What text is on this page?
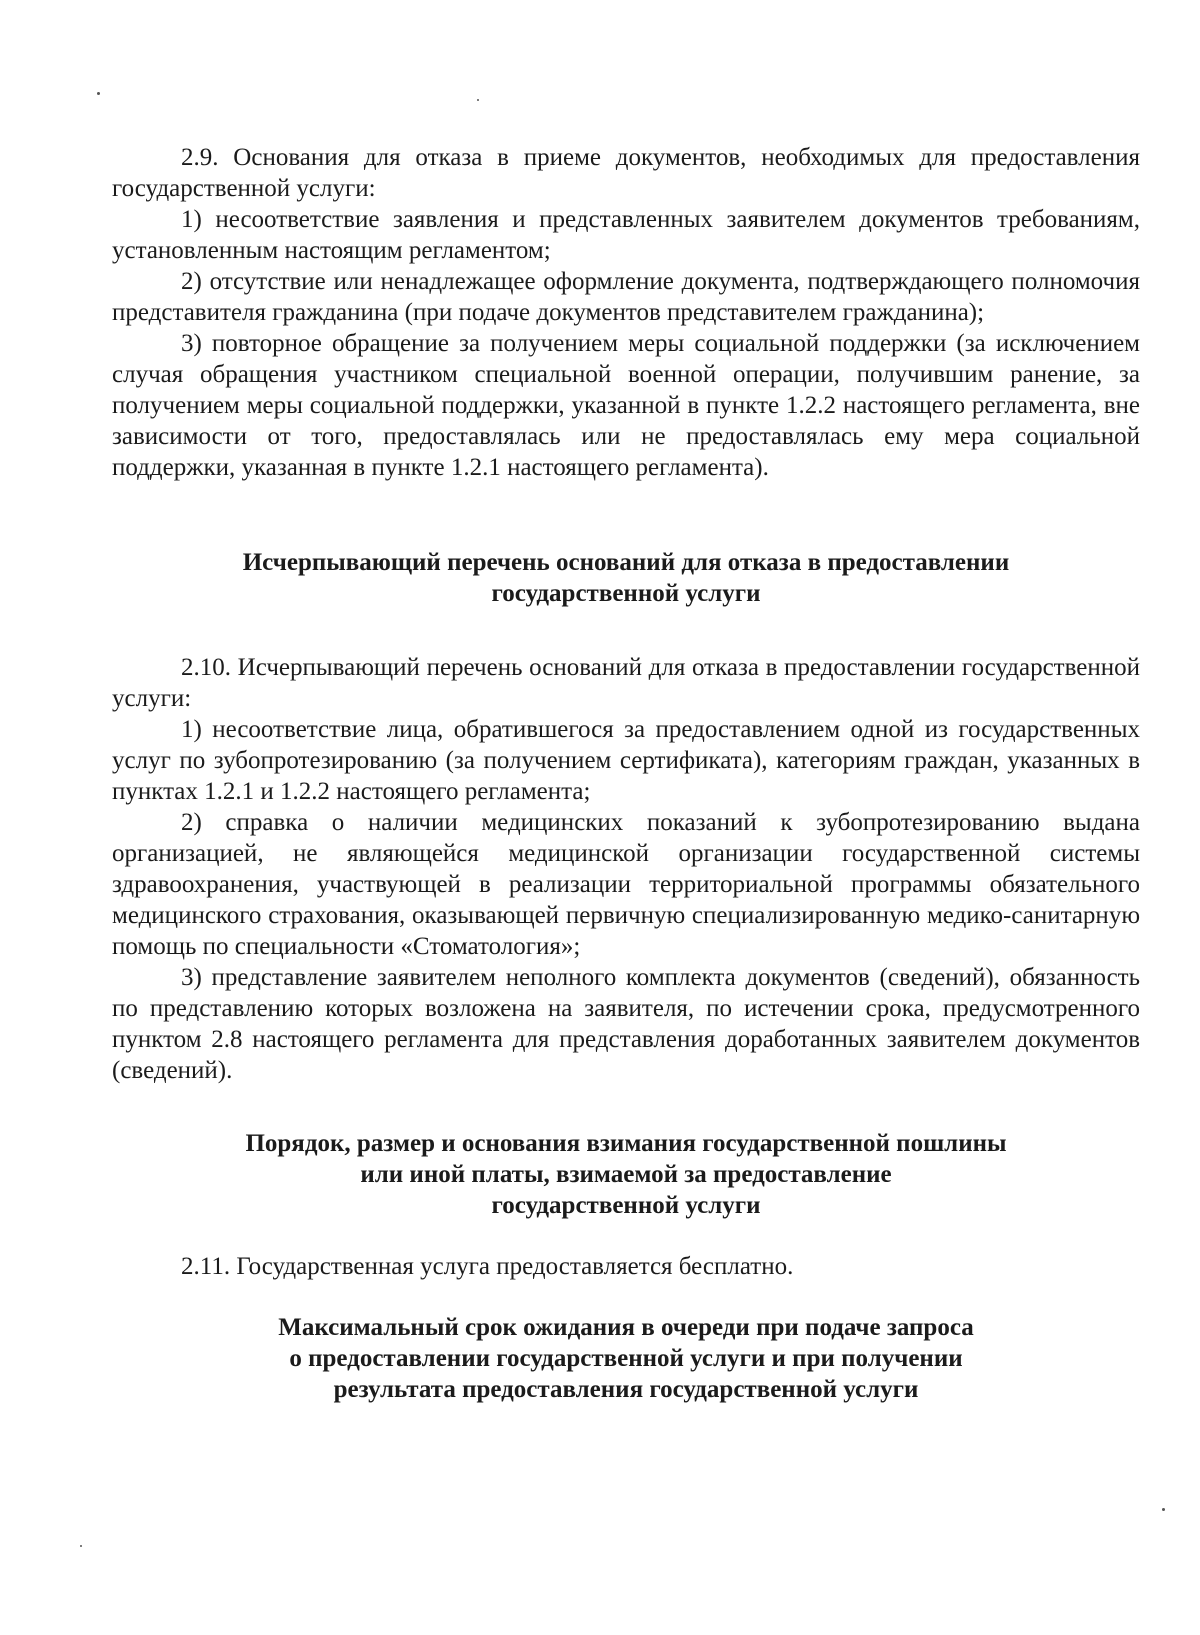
2.9. Основания для отказа в приеме документов, необходимых для предоставления государственной услуги:

1) несоответствие заявления и представленных заявителем документов требованиям, установленным настоящим регламентом;

2) отсутствие или ненадлежащее оформление документа, подтверждающего полномочия представителя гражданина (при подаче документов представителем гражданина);

3) повторное обращение за получением меры социальной поддержки (за исключением случая обращения участником специальной военной операции, получившим ранение, за получением меры социальной поддержки, указанной в пункте 1.2.2 настоящего регламента, вне зависимости от того, предоставлялась или не предоставлялась ему мера социальной поддержки, указанная в пункте 1.2.1 настоящего регламента).

Исчерпывающий перечень оснований для отказа в предоставлении
государственной услуги

2.10. Исчерпывающий перечень оснований для отказа в предоставлении государственной услуги:

1) несоответствие лица, обратившегося за предоставлением одной из государственных услуг по зубопротезированию (за получением сертификата), категориям граждан, указанных в пунктах 1.2.1 и 1.2.2 настоящего регламента;

2) справка о наличии медицинских показаний к зубопротезированию выдана организацией, не являющейся медицинской организации государственной системы здравоохранения, участвующей в реализации территориальной программы обязательного медицинского страхования, оказывающей первичную специализированную медико-санитарную помощь по специальности «Стоматология»;

3) представление заявителем неполного комплекта документов (сведений), обязанность по представлению которых возложена на заявителя, по истечении срока, предусмотренного пунктом 2.8 настоящего регламента для представления доработанных заявителем документов (сведений).

Порядок, размер и основания взимания государственной пошлины
или иной платы, взимаемой за предоставление
государственной услуги

2.11. Государственная услуга предоставляется бесплатно.

Максимальный срок ожидания в очереди при подаче запроса
о предоставлении государственной услуги и при получении
результата предоставления государственной услуги
